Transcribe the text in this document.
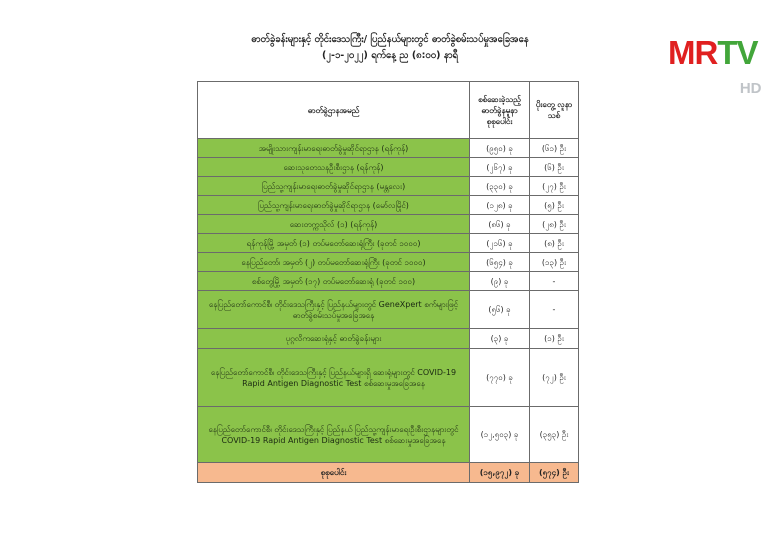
ဓာတ်ခွဲခန်းများနှင့် တိုင်းဒေသကြီး/ ပြည်နယ်များတွင် ဓာတ်ခွဲစမ်းသပ်မှုအခြေအနေ
(၂-၁-၂၀၂၂) ရက်နေ့ ည (၈:၀၀) နာရီ	MRTV
HD
ဓာတ်ခွဲဌာနအမည်	စစ်ဆေးခဲ့သည့် ဓာတ်ခွဲနမူနာ စုစုပေါင်း	ပိုးတွေ့ လူနာသစ်
အမျိုးသားကျန်းမာရေးဓာတ်ခွဲမှုဆိုင်ရာဌာန (ရန်ကုန်)	(၉၅၀) ခု	(၆၁) ဦး
ဆေးသုတေသနဦးစီးဌာန (ရန်ကုန်)	(၂၆၇) ခု	(၆) ဦး
ပြည်သူ့ကျန်းမာရေးဓာတ်ခွဲမှုဆိုင်ရာဌာန (မန္တလေး)	(၃၃၀) ခု	(၂၇) ဦး
ပြည်သူ့ကျန်းမာရေးဓာတ်ခွဲမှုဆိုင်ရာဌာန (မော်လမြိုင်)	(၁၂၈) ခု	(၅) ဦး
ဆေးတက္ကသိုလ် (၁) (ရန်ကုန်)	(၈၆) ခု	(၂၈) ဦး
ရန်ကုန်မြို့ အမှတ် (၁) တပ်မတော်ဆေးရုံကြီး (ခုတင် ၁၀၀၀)	(၂၁၆) ခု	(၈) ဦး
နေပြည်တော်၊ အမှတ် (၂) တပ်မတော်ဆေးရုံကြီး (ခုတင် ၁၀၀၀)	(၆၅၄) ခု	(၁၃) ဦး
စစ်တွေမြို့ အမှတ် (၁၇) တပ်မတော်ဆေးရုံ (ခုတင် ၁၀၀)	(၉) ခု	-
နေပြည်တော်ကောင်စီ၊ တိုင်းဒေသကြီးနှင့် ပြည်နယ်များတွင် GeneXpert စက်များဖြင့် ဓာတ်ခွဲစမ်းသပ်မှုအခြေအနေ	(၅၆) ခု	-
ပုဂ္ဂလိကဆေးရုံနှင့် ဓာတ်ခွဲခန်းများ	(၃) ခု	(၁) ဦး
နေပြည်တော်ကောင်စီ၊ တိုင်းဒေသကြီးနှင့် ပြည်နယ်များရှိ ဆေးရုံများတွင် COVID-19 Rapid Antigen Diagnostic Test စစ်ဆေးမှုအခြေအနေ	(၇၇၀) ခု	(၇၂) ဦး
နေပြည်တော်ကောင်စီ၊ တိုင်းဒေသကြီးနှင့် ပြည်နယ် ပြည်သူ့ကျန်းမာရေးဦးစီးဌာနများတွင် COVID-19 Rapid Antigen Diagnostic Test စစ်ဆေးမှုအခြေအနေ	(၁၂,၅၀၃) ခု	(၃၅၃) ဦး
စုစုပေါင်း	(၁၅,၉၇၂) ခု	(၅၇၄) ဦး
